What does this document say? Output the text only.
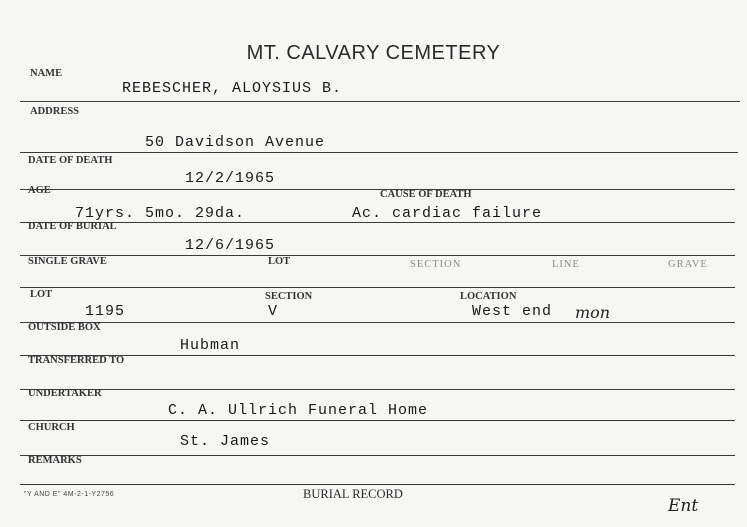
MT. CALVARY CEMETERY
NAME
REBESCHER, ALOYSIUS B.
ADDRESS
50 Davidson Avenue
DATE OF DEATH
12/2/1965
AGE	CAUSE OF DEATH
71yrs. 5mo. 29da.	Ac. cardiac failure
DATE OF BURIAL
12/6/1965
SINGLE GRAVE	LOT	SECTION	LINE	GRAVE
LOT	SECTION	LOCATION
1195	V	West end mon
OUTSIDE BOX
Hubman
TRANSFERRED TO
UNDERTAKER
C. A. Ullrich Funeral Home
CHURCH
St. James
REMARKS
"Y AND E" 4M-2-1-Y2756	BURIAL RECORD
Ent
